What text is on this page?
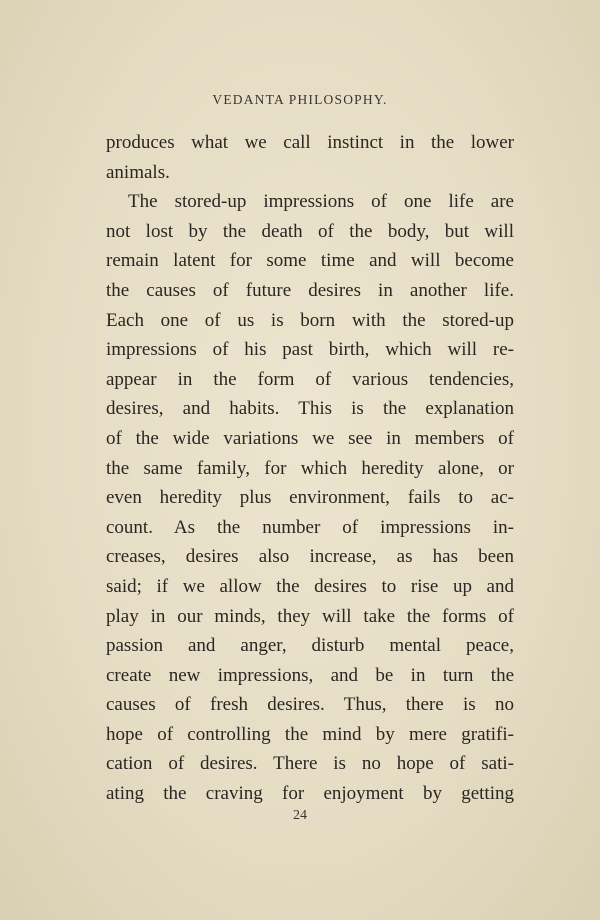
VEDANTA PHILOSOPHY.
produces what we call instinct in the lower
animals.
The stored-up impressions of one life are
not lost by the death of the body, but will
remain latent for some time and will become
the causes of future desires in another life.
Each one of us is born with the stored-up
impressions of his past birth, which will re-
appear in the form of various tendencies,
desires, and habits. This is the explanation
of the wide variations we see in members of
the same family, for which heredity alone, or
even heredity plus environment, fails to ac-
count. As the number of impressions in-
creases, desires also increase, as has been
said; if we allow the desires to rise up and
play in our minds, they will take the forms of
passion and anger, disturb mental peace,
create new impressions, and be in turn the
causes of fresh desires. Thus, there is no
hope of controlling the mind by mere gratifi-
cation of desires. There is no hope of sati-
ating the craving for enjoyment by getting
24
